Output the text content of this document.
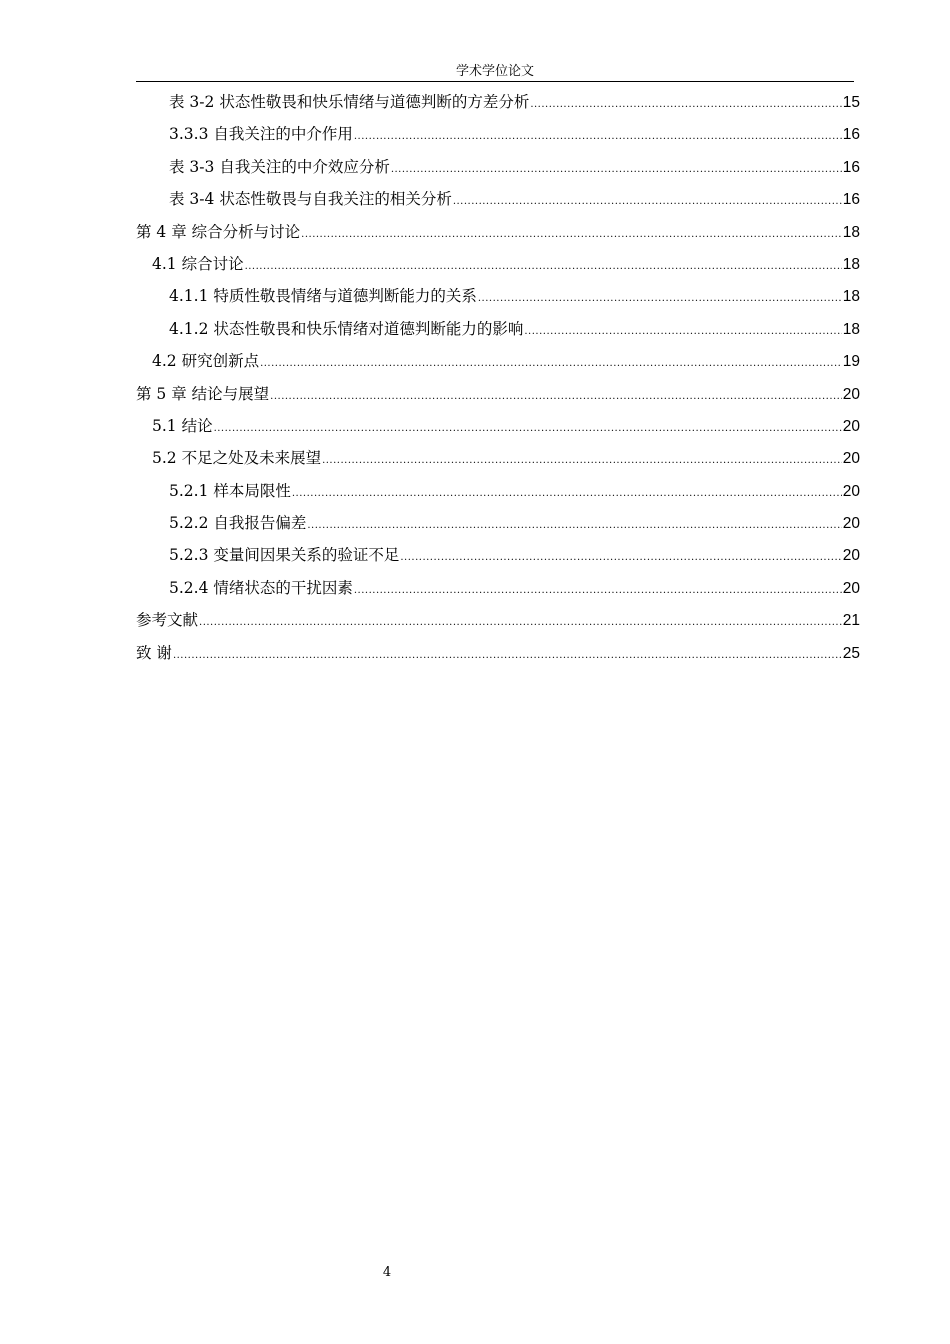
学术学位论文
表 3-2 状态性敬畏和快乐情绪与道德判断的方差分析 .....	15
3.3.3 自我关注的中介作用 .....	16
表 3-3 自我关注的中介效应分析 .....	16
表 3-4 状态性敬畏与自我关注的相关分析 .....	16
第 4 章 综合分析与讨论 .....	18
4.1 综合讨论 .....	18
4.1.1 特质性敬畏情绪与道德判断能力的关系 .....	18
4.1.2 状态性敬畏和快乐情绪对道德判断能力的影响 .....	18
4.2 研究创新点 .....	19
第 5 章 结论与展望 .....	20
5.1 结论 .....	20
5.2 不足之处及未来展望 .....	20
5.2.1 样本局限性 .....	20
5.2.2 自我报告偏差 .....	20
5.2.3 变量间因果关系的验证不足 .....	20
5.2.4 情绪状态的干扰因素 .....	20
参考文献 .....	21
致 谢 .....	25
4
